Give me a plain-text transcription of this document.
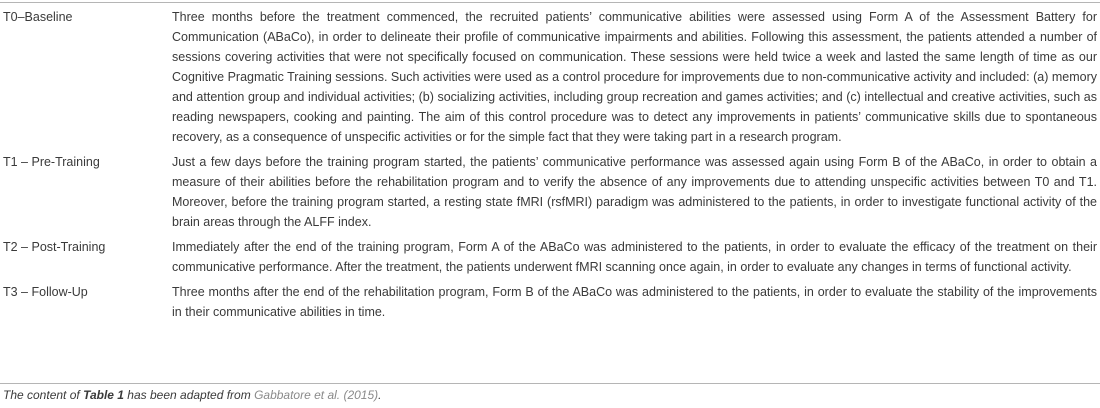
T0–Baseline	Three months before the treatment commenced, the recruited patients’ communicative abilities were assessed using Form A of the Assessment Battery for Communication (ABaCo), in order to delineate their profile of communicative impairments and abilities. Following this assessment, the patients attended a number of sessions covering activities that were not specifically focused on communication. These sessions were held twice a week and lasted the same length of time as our Cognitive Pragmatic Training sessions. Such activities were used as a control procedure for improvements due to non-communicative activity and included: (a) memory and attention group and individual activities; (b) socializing activities, including group recreation and games activities; and (c) intellectual and creative activities, such as reading newspapers, cooking and painting. The aim of this control procedure was to detect any improvements in patients’ communicative skills due to spontaneous recovery, as a consequence of unspecific activities or for the simple fact that they were taking part in a research program.
T1 – Pre-Training	Just a few days before the training program started, the patients’ communicative performance was assessed again using Form B of the ABaCo, in order to obtain a measure of their abilities before the rehabilitation program and to verify the absence of any improvements due to attending unspecific activities between T0 and T1. Moreover, before the training program started, a resting state fMRI (rsfMRI) paradigm was administered to the patients, in order to investigate functional activity of the brain areas through the ALFF index.
T2 – Post-Training	Immediately after the end of the training program, Form A of the ABaCo was administered to the patients, in order to evaluate the efficacy of the treatment on their communicative performance. After the treatment, the patients underwent fMRI scanning once again, in order to evaluate any changes in terms of functional activity.
T3 – Follow-Up	Three months after the end of the rehabilitation program, Form B of the ABaCo was administered to the patients, in order to evaluate the stability of the improvements in their communicative abilities in time.
The content of Table 1 has been adapted from Gabbatore et al. (2015).
